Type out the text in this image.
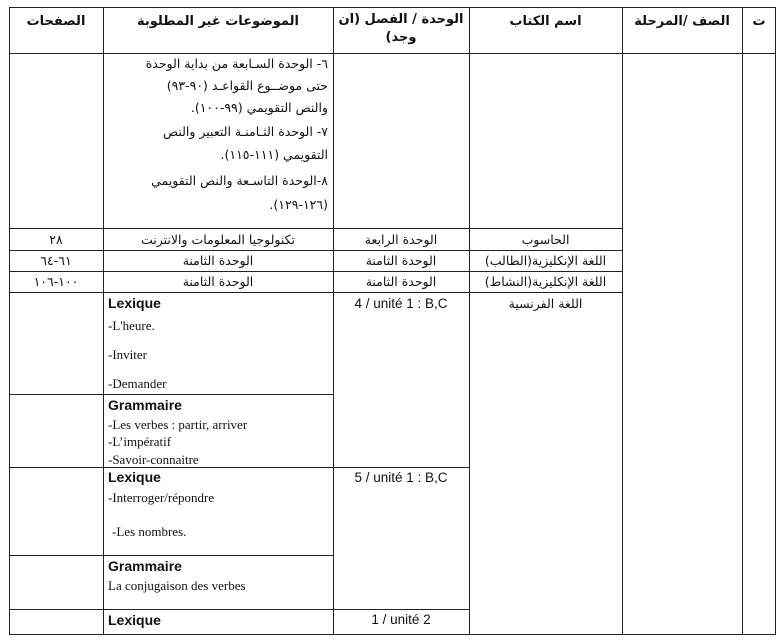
ت
الصف /المرحلة
اسم الكتاب
الوحدة / الفصل (ان وجد)
الموضوعات غير المطلوبة
الصفحات
٦- الوحدة السـابعة من بداية الوحدة
حتى موضــوع القواعـد (٩٠-٩٣)
والنص التقويمي (٩٩-١٠٠).
٧- الوحدة الثـامنـة التعبير والنص
التقويمي (١١١-١١٥).
٨-الوحدة التاسـعة والنص التقويمي
(١٢٦-١٢٩).
الحاسوب
الوحدة الرابعة
تكنولوجيا المعلومات والانترنت
٢٨
اللغة الإنكليزية(الطالب)
الوحدة الثامنة
الوحدة الثامنة
٦١-٦٤
اللغة الإنكليزية(النشاط)
الوحدة الثامنة
الوحدة الثامنة
١٠٠-١٠٦
اللغة الفرنسية
4 / unité 1 : B,C
5 / unité 1 : B,C
1 / unité 2
Lexique
-L'heure.
-Inviter
-Demander
Grammaire
-Les verbes : partir, arriver
-L’impératif
-Savoir-connaitre
Lexique
-Interroger/répondre
-Les nombres.
Grammaire
La conjugaison des verbes
Lexique
